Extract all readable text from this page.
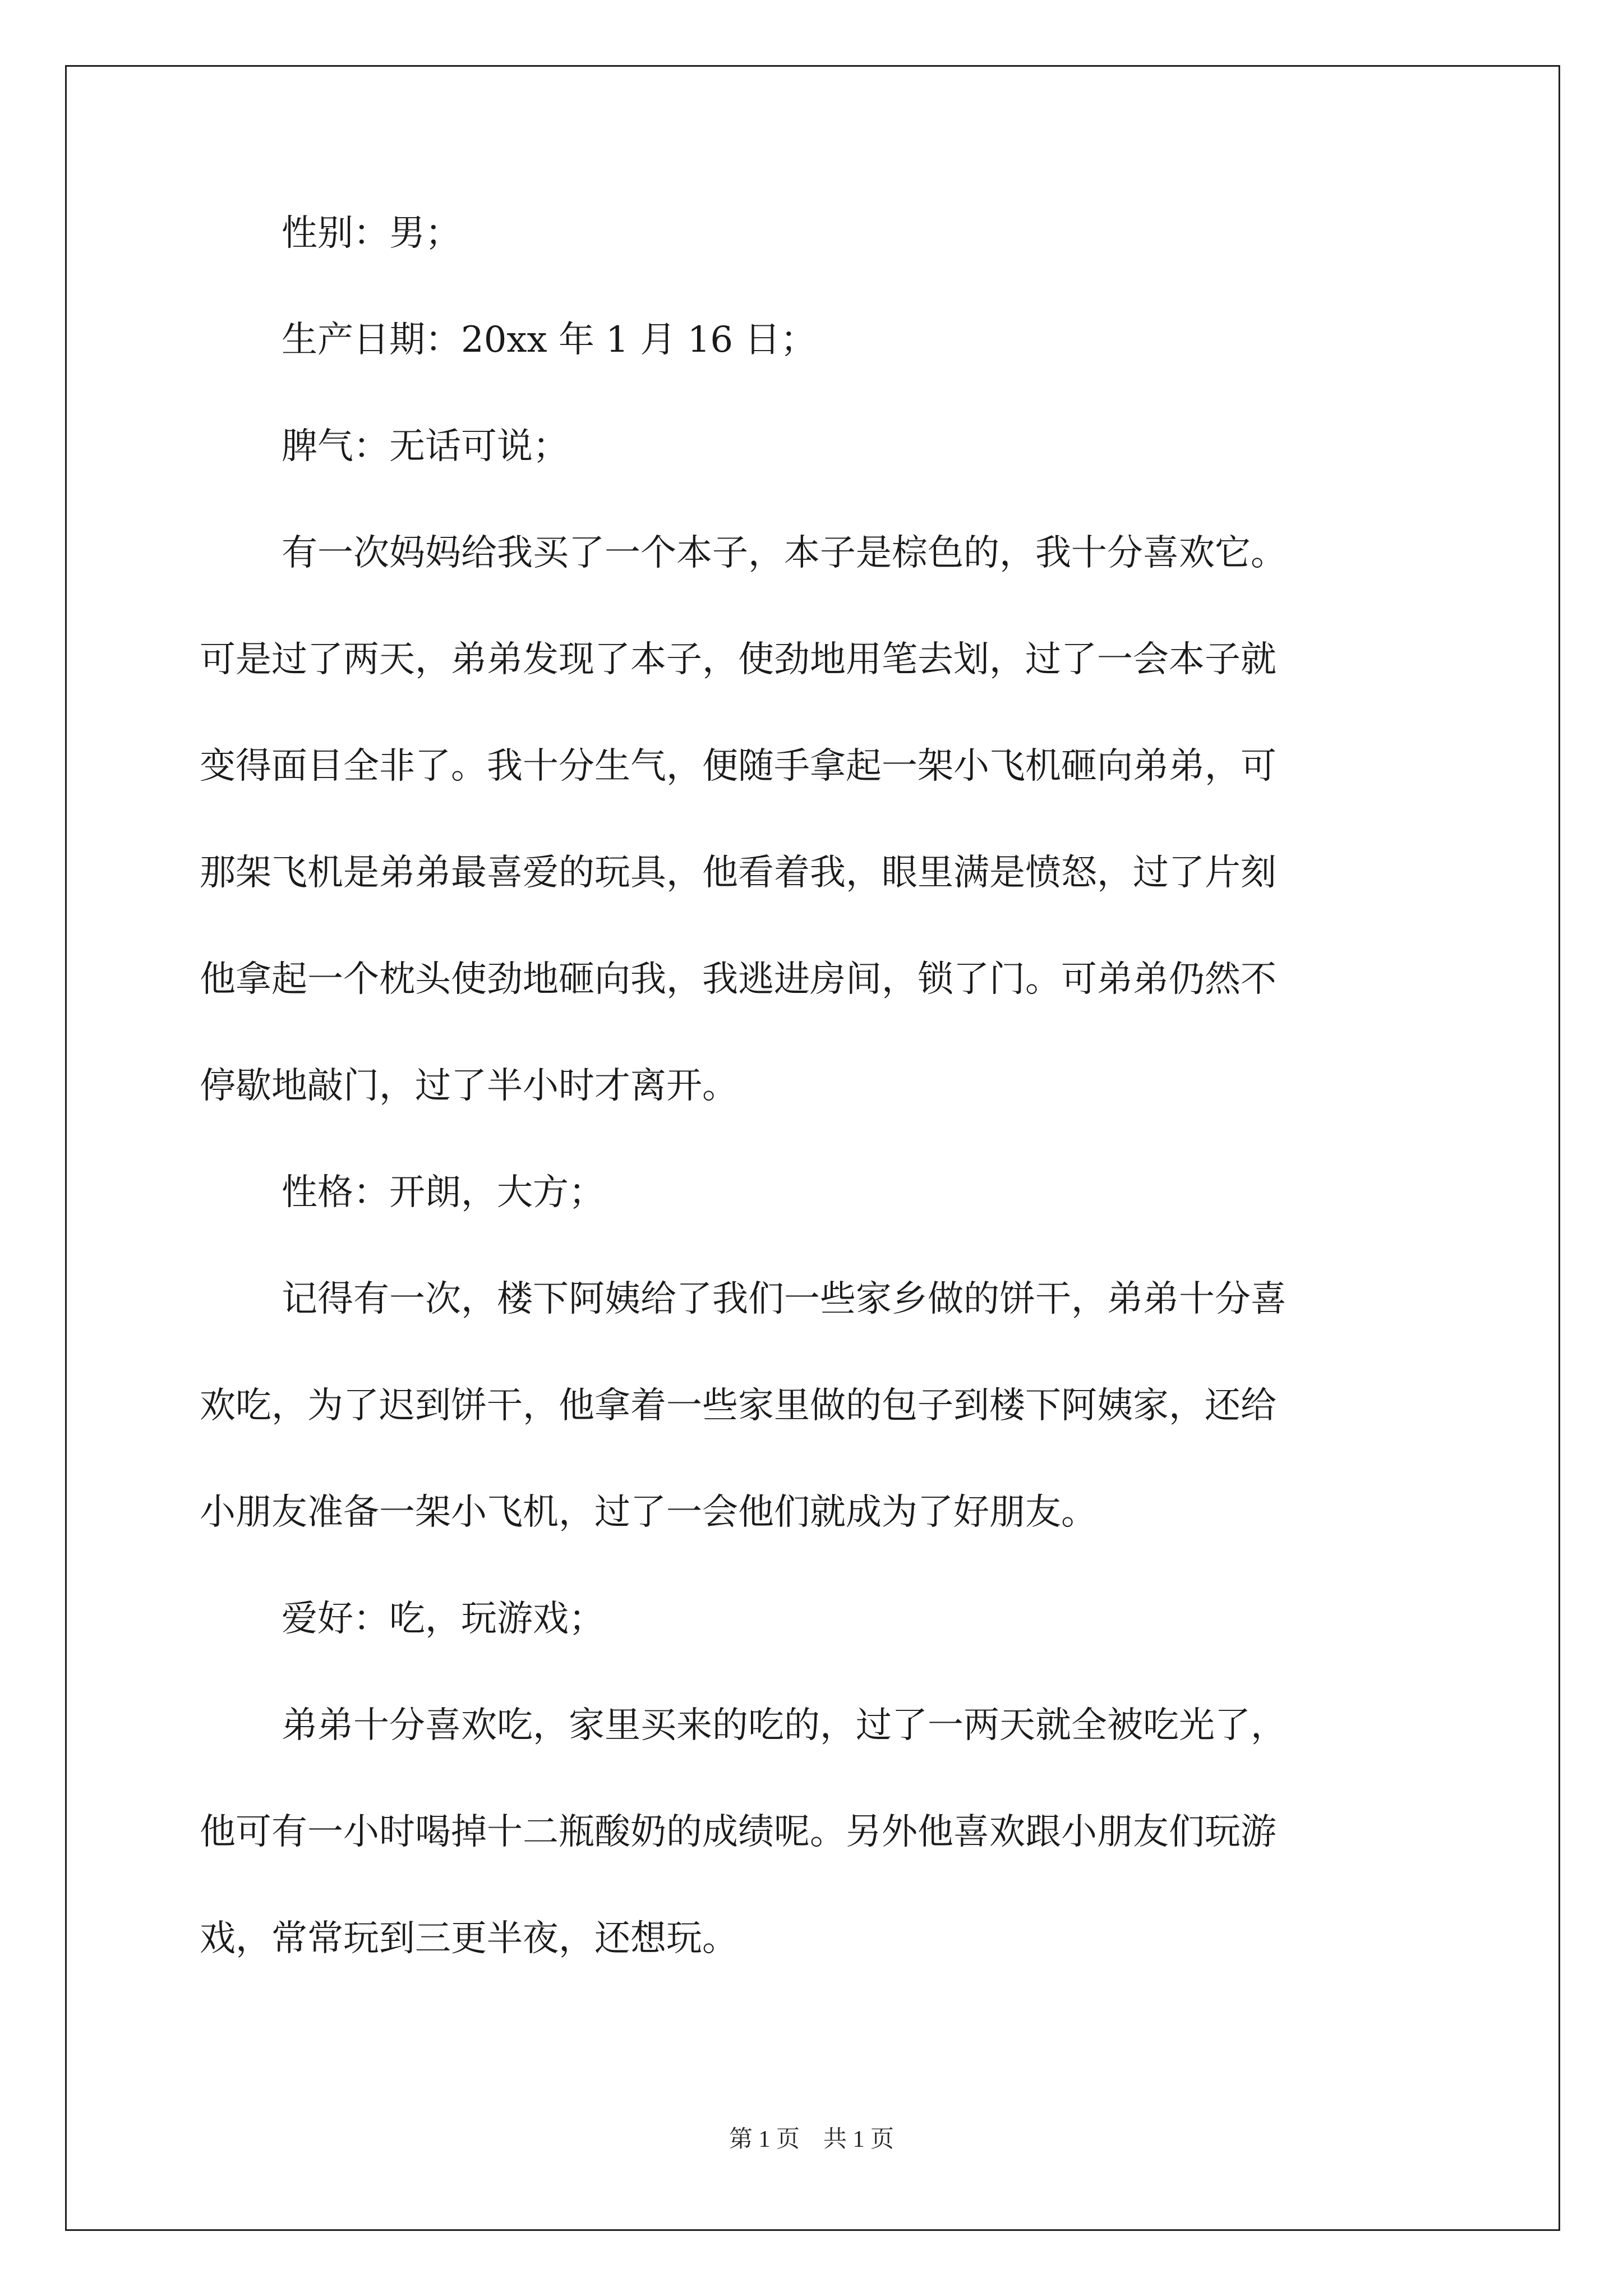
性别：男；
生产日期：20xx 年 1 月 16 日；
脾气：无话可说；
有一次妈妈给我买了一个本子，本子是棕色的，我十分喜欢它。
可是过了两天，弟弟发现了本子，使劲地用笔去划，过了一会本子就
变得面目全非了。我十分生气，便随手拿起一架小飞机砸向弟弟，可
那架飞机是弟弟最喜爱的玩具，他看着我，眼里满是愤怒，过了片刻
他拿起一个枕头使劲地砸向我，我逃进房间，锁了门。可弟弟仍然不
停歇地敲门，过了半小时才离开。
性格：开朗，大方；
记得有一次，楼下阿姨给了我们一些家乡做的饼干，弟弟十分喜
欢吃，为了迟到饼干，他拿着一些家里做的包子到楼下阿姨家，还给
小朋友准备一架小飞机，过了一会他们就成为了好朋友。
爱好：吃，玩游戏；
弟弟十分喜欢吃，家里买来的吃的，过了一两天就全被吃光了，
他可有一小时喝掉十二瓶酸奶的成绩呢。另外他喜欢跟小朋友们玩游
戏，常常玩到三更半夜，还想玩。
第 1 页　共 1 页
